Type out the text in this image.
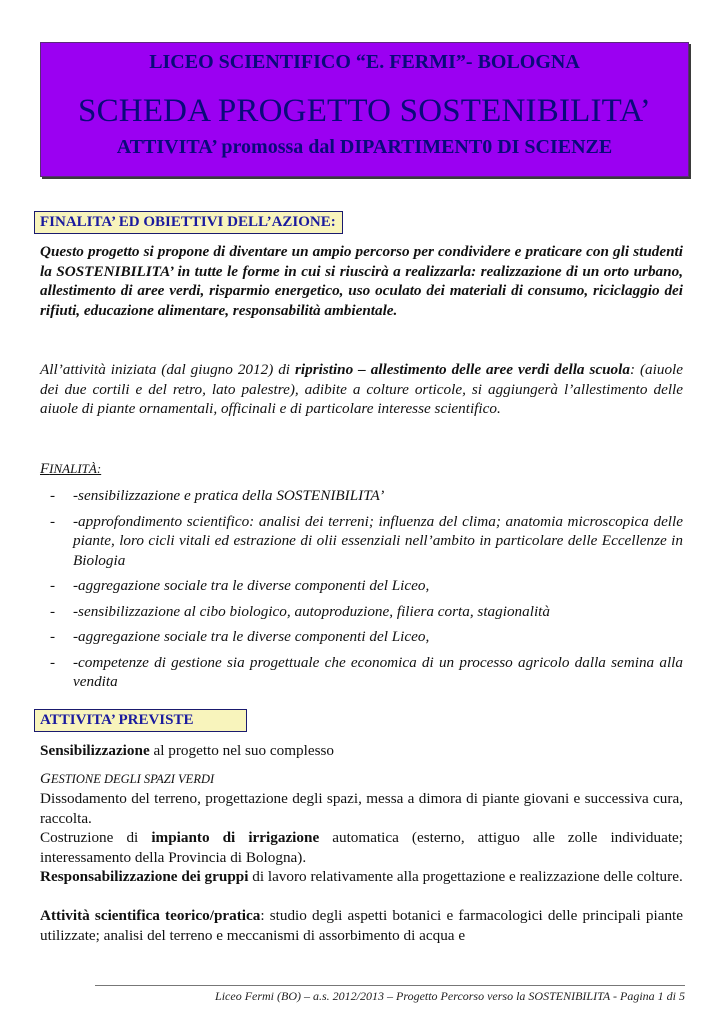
LICEO SCIENTIFICO “E. FERMI”- BOLOGNA
SCHEDA PROGETTO SOSTENIBILITA’
ATTIVITA’ promossa dal DIPARTIMENT0 DI SCIENZE
FINALITA’ ED OBIETTIVI DELL’AZIONE:
Questo progetto si propone di diventare un ampio percorso per condividere e praticare con gli studenti la SOSTENIBILITA’ in tutte le forme in cui si riuscirà a realizzarla: realizzazione di un orto urbano, allestimento di aree verdi, risparmio energetico, uso oculato dei materiali di consumo, riciclaggio dei rifiuti, educazione alimentare, responsabilità ambientale.
All’attività iniziata (dal giugno 2012) di ripristino – allestimento delle aree verdi della scuola: (aiuole dei due cortili e del retro, lato palestre), adibite a colture orticole, si aggiungerà l’allestimento delle aiuole di piante ornamentali, officinali e di particolare interesse scientifico.
FINALITÀ:
- -sensibilizzazione e pratica della SOSTENIBILITA’
- -approfondimento scientifico: analisi dei terreni; influenza del clima; anatomia microscopica delle piante, loro cicli vitali ed estrazione di olii essenziali nell’ambito in particolare delle Eccellenze in Biologia
- -aggregazione sociale tra le diverse componenti del Liceo,
- -sensibilizzazione al cibo biologico, autoproduzione, filiera corta, stagionalità
- -aggregazione sociale tra le diverse componenti del Liceo,
- -competenze di gestione sia progettuale che economica di un processo agricolo dalla semina alla vendita
ATTIVITA’ PREVISTE
Sensibilizzazione al progetto nel suo complesso
GESTIONE DEGLI SPAZI VERDI
Dissodamento del terreno, progettazione degli spazi, messa a dimora di piante giovani e successiva cura, raccolta.
Costruzione di impianto di irrigazione automatica (esterno, attiguo alle zolle individuate; interessamento della Provincia di Bologna).
Responsabilizzazione dei gruppi di lavoro relativamente alla progettazione e realizzazione delle colture.
Attività scientifica teorico/pratica: studio degli aspetti botanici e farmacologici delle principali piante utilizzate; analisi del terreno e meccanismi di assorbimento di acqua e
Liceo Fermi (BO) – a.s. 2012/2013 – Progetto Percorso verso la SOSTENIBILITA - Pagina 1 di 5
